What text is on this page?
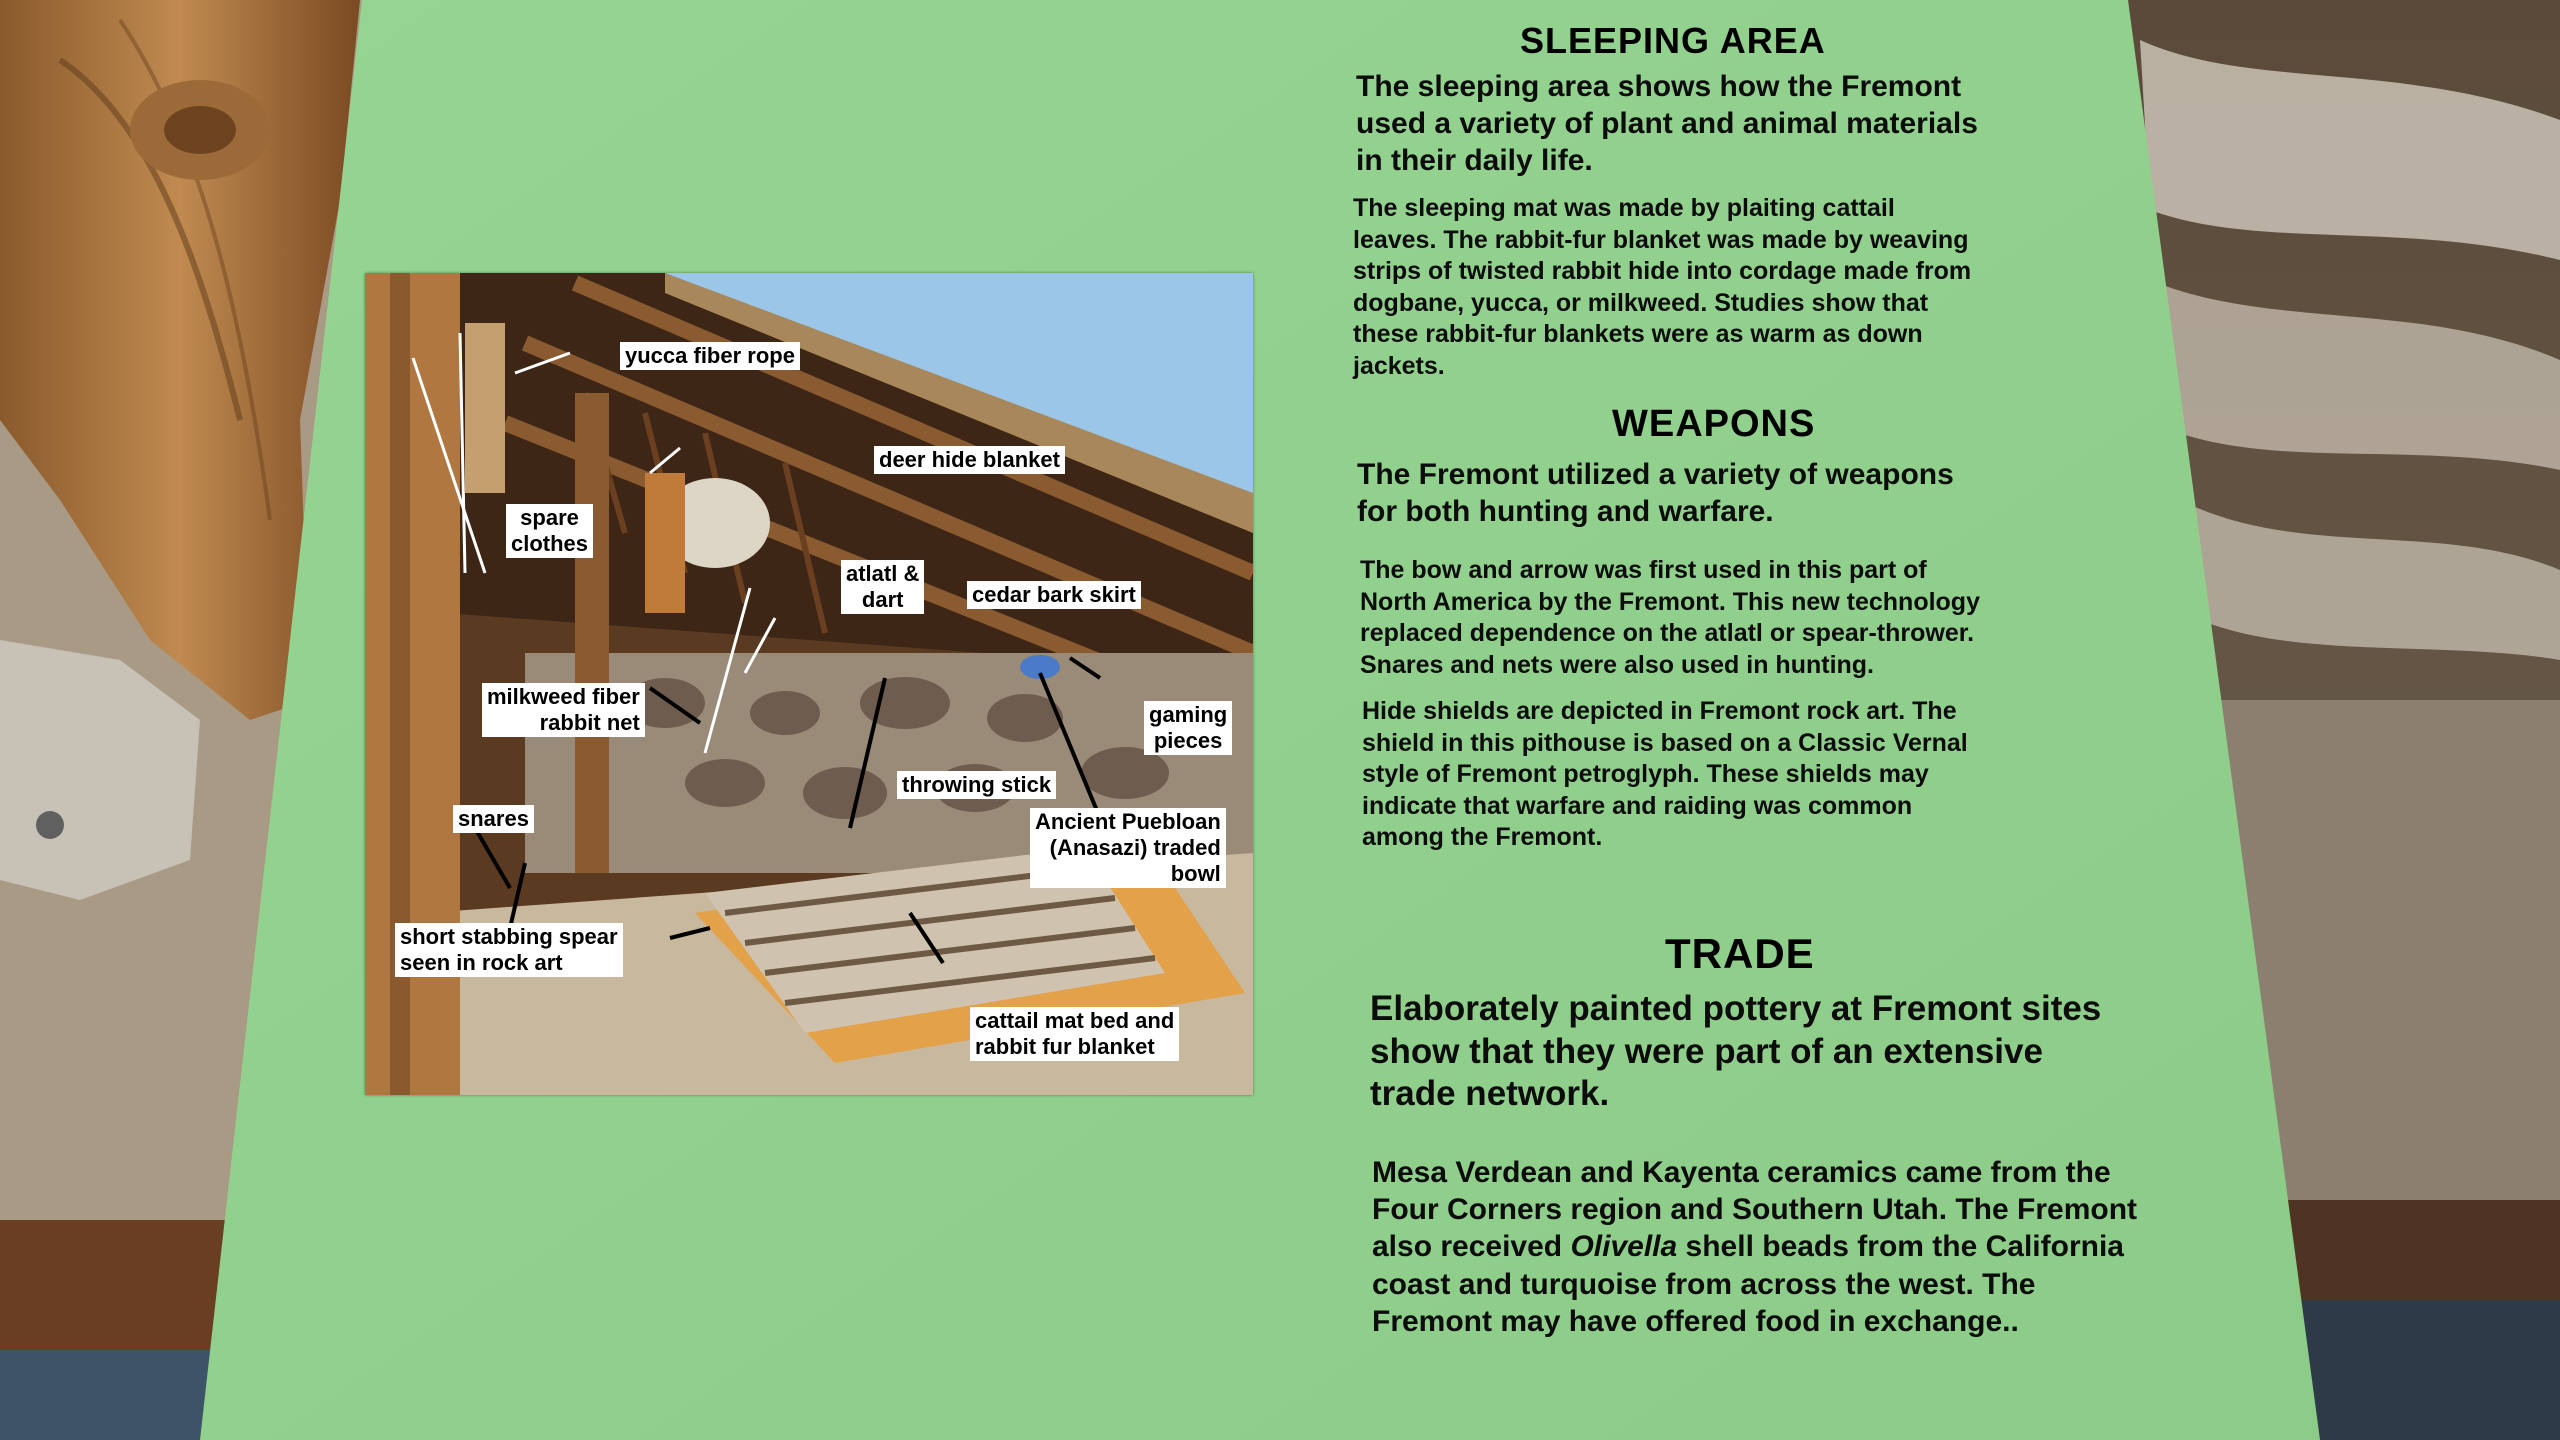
SLEEPING AREA
The sleeping area shows how the Fremont
used a variety of plant and animal materials
in their daily life.
The sleeping mat was made by plaiting cattail
leaves. The rabbit-fur blanket was made by weaving
strips of twisted rabbit hide into cordage made from
dogbane, yucca, or milkweed. Studies show that
these rabbit-fur blankets were as warm as down
jackets.
WEAPONS
The Fremont utilized a variety of weapons
for both hunting and warfare.
The bow and arrow was first used in this part of
North America by the Fremont. This new technology
replaced dependence on the atlatl or spear-thrower.
Snares and nets were also used in hunting.
Hide shields are depicted in Fremont rock art. The
shield in this pithouse is based on a Classic Vernal
style of Fremont petroglyph. These shields may
indicate that warfare and raiding was common
among the Fremont.
TRADE
Elaborately painted pottery at Fremont sites
show that they were part of an extensive
trade network.
Mesa Verdean and Kayenta ceramics came from the
Four Corners region and Southern Utah. The Fremont
also received Olivella shell beads from the California
coast and turquoise from across the west. The
Fremont may have offered food in exchange..
yucca fiber rope
deer hide blanket
spare
clothes
atlatl &
dart	cedar bark skirt
milkweed fiber
rabbit net	gaming
pieces
throwing stick
snares	Ancient Puebloan
(Anasazi) traded
bowl
short stabbing spear
seen in rock art
cattail mat bed and
rabbit fur blanket
